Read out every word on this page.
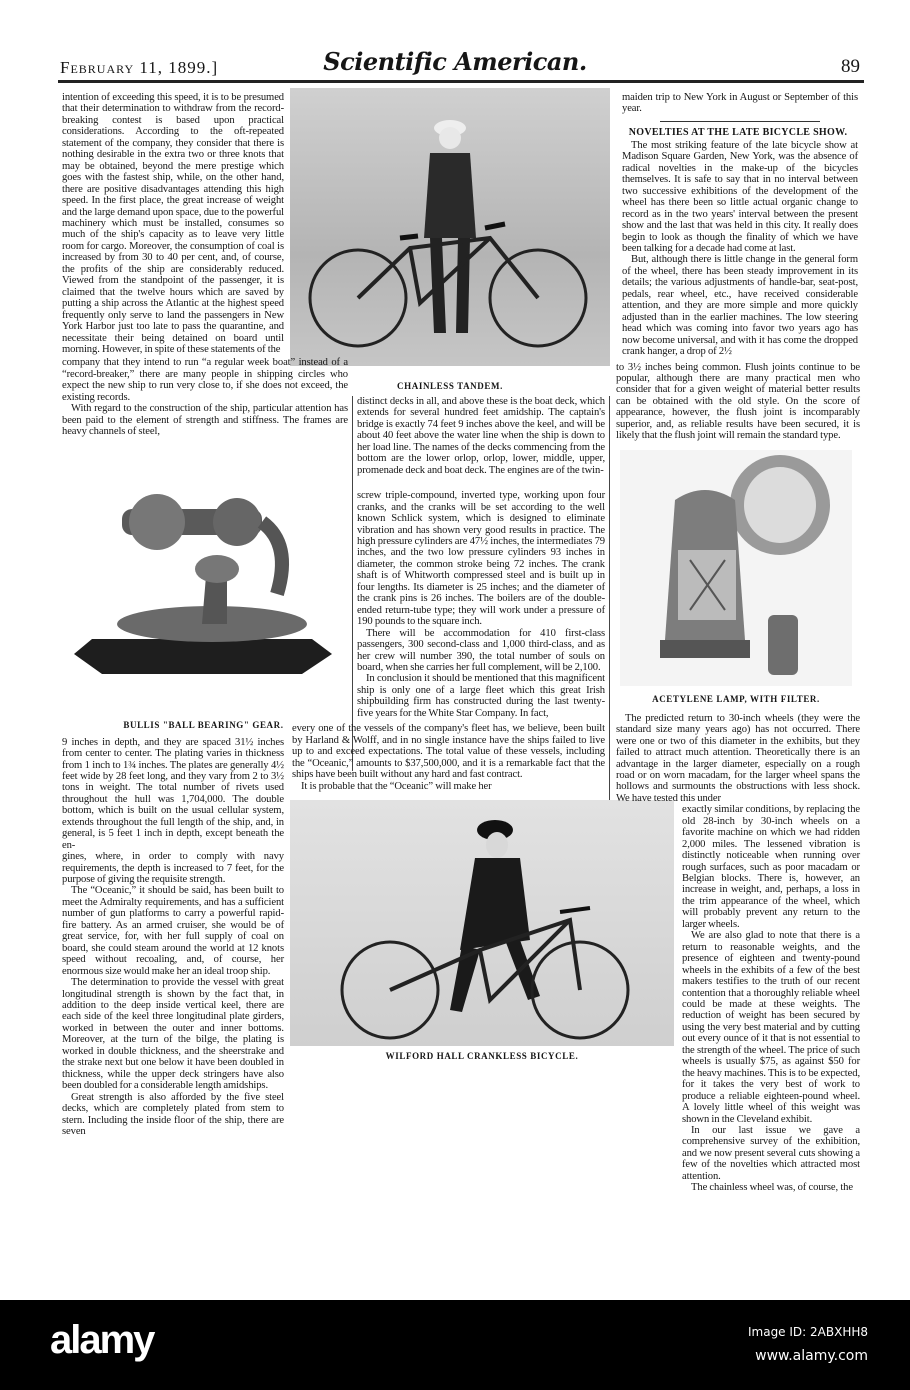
February 11, 1899.]	Scientific American.	89
CHAINLESS TANDEM.

intention of exceeding this speed, it is to be presumed that their determination to withdraw from the record-breaking contest is based upon practical considerations. According to the oft-repeated statement of the company, they consider that there is nothing desirable in the extra two or three knots that may be obtained, beyond the mere prestige which goes with the fastest ship, while, on the other hand, there are positive disadvantages attending this high speed. In the first place, the great increase of weight and the large demand upon space, due to the powerful machinery which must be installed, consumes so much of the ship's capacity as to leave very little room for cargo. Moreover, the consumption of coal is increased by from 30 to 40 per cent, and, of course, the profits of the ship are considerably reduced. Viewed from the standpoint of the passenger, it is claimed that the twelve hours which are saved by putting a ship across the Atlantic at the highest speed frequently only serve to land the passengers in New York Harbor just too late to pass the quarantine, and necessitate their being detained on board until morning. However, in spite of these statements of the

company that they intend to run “a regular week boat” instead of a “record-breaker,” there are many people in shipping circles who expect the new ship to run very close to, if she does not exceed, the existing records.

With regard to the construction of the ship, particular attention has been paid to the element of strength and stiffness. The frames are heavy channels of steel,

BULLIS "BALL BEARING" GEAR.

9 inches in depth, and they are spaced 31½ inches from center to center. The plating varies in thickness from 1 inch to 1¾ inches. The plates are generally 4½ feet wide by 28 feet long, and they vary from 2 to 3½ tons in weight. The total number of rivets used throughout the hull was 1,704,000. The double bottom, which is built on the usual cellular system, extends throughout the full length of the ship, and, in general, is 5 feet 1 inch in depth, except beneath the en-

gines, where, in order to comply with navy requirements, the depth is increased to 7 feet, for the purpose of giving the requisite strength.

The “Oceanic,” it should be said, has been built to meet the Admiralty requirements, and has a sufficient number of gun platforms to carry a powerful rapid-fire battery. As an armed cruiser, she would be of great service, for, with her full supply of coal on board, she could steam around the world at 12 knots speed without recoaling, and, of course, her enormous size would make her an ideal troop ship.

The determination to provide the vessel with great longitudinal strength is shown by the fact that, in addition to the deep inside vertical keel, there are each side of the keel three longitudinal plate girders, worked in between the outer and inner bottoms. Moreover, at the turn of the bilge, the plating is worked in double thickness, and the sheerstrake and the strake next but one below it have been doubled in thickness, while the upper deck stringers have also been doubled for a considerable length amidships.

Great strength is also afforded by the five steel decks, which are completely plated from stem to stern. Including the inside floor of the ship, there are seven

distinct decks in all, and above these is the boat deck, which extends for several hundred feet amidship. The captain's bridge is exactly 74 feet 9 inches above the keel, and will be about 40 feet above the water line when the ship is down to her load line. The names of the decks commencing from the bottom are the lower orlop, orlop, lower, middle, upper, promenade deck and boat deck. The engines are of the twin-

screw triple-compound, inverted type, working upon four cranks, and the cranks will be set according to the well known Schlick system, which is designed to eliminate vibration and has shown very good results in practice. The high pressure cylinders are 47½ inches, the intermediates 79 inches, and the two low pressure cylinders 93 inches in diameter, the common stroke being 72 inches. The crank shaft is of Whitworth compressed steel and is built up in four lengths. Its diameter is 25 inches; and the diameter of the crank pins is 26 inches. The boilers are of the double-ended return-tube type; they will work under a pressure of 190 pounds to the square inch.

There will be accommodation for 410 first-class passengers, 300 second-class and 1,000 third-class, and as her crew will number 390, the total number of souls on board, when she carries her full complement, will be 2,100.

In conclusion it should be mentioned that this magnificent ship is only one of a large fleet which this great Irish shipbuilding firm has constructed during the last twenty-five years for the White Star Company. In fact,

every one of the vessels of the company's fleet has, we believe, been built by Harland & Wolff, and in no single instance have the ships failed to live up to and exceed expectations. The total value of these vessels, including the “Oceanic,” amounts to $37,500,000, and it is a remarkable fact that the ships have been built without any hard and fast contract.

It is probable that the “Oceanic” will make her

WILFORD HALL CRANKLESS BICYCLE.

maiden trip to New York in August or September of this year.

NOVELTIES AT THE LATE BICYCLE SHOW.

The most striking feature of the late bicycle show at Madison Square Garden, New York, was the absence of radical novelties in the make-up of the bicycles themselves. It is safe to say that in no interval between two successive exhibitions of the development of the wheel has there been so little actual organic change to record as in the two years' interval between the present show and the last that was held in this city. It really does begin to look as though the finality of which we have been talking for a decade had come at last.

But, although there is little change in the general form of the wheel, there has been steady improvement in its details; the various adjustments of handle-bar, seat-post, pedals, rear wheel, etc., have received considerable attention, and they are more simple and more quickly adjusted than in the earlier machines. The low steering head which was coming into favor two years ago has now become universal, and with it has come the dropped crank hanger, a drop of 2½

to 3½ inches being common. Flush joints continue to be popular, although there are many practical men who consider that for a given weight of material better results can be obtained with the old style. On the score of appearance, however, the flush joint is incomparably superior, and, as reliable results have been secured, it is likely that the flush joint will remain the standard type.

ACETYLENE LAMP, WITH FILTER.

The predicted return to 30-inch wheels (they were the standard size many years ago) has not occurred. There were one or two of this diameter in the exhibits, but they failed to attract much attention. Theoretically there is an advantage in the larger diameter, especially on a rough road or on worn macadam, for the larger wheel spans the hollows and surmounts the obstructions with less shock. We have tested this under

exactly similar conditions, by replacing the old 28-inch by 30-inch wheels on a favorite machine on which we had ridden 2,000 miles. The lessened vibration is distinctly noticeable when running over rough surfaces, such as poor macadam or Belgian blocks. There is, however, an increase in weight, and, perhaps, a loss in the trim appearance of the wheel, which will probably prevent any return to the larger wheels.

We are also glad to note that there is a return to reasonable weights, and the presence of eighteen and twenty-pound wheels in the exhibits of a few of the best makers testifies to the truth of our recent contention that a thoroughly reliable wheel could be made at these weights. The reduction of weight has been secured by using the very best material and by cutting out every ounce of it that is not essential to the strength of the wheel. The price of such wheels is usually $75, as against $50 for the heavy machines. This is to be expected, for it takes the very best of work to produce a reliable eighteen-pound wheel. A lovely little wheel of this weight was shown in the Cleveland exhibit.

In our last issue we gave a comprehensive survey of the exhibition, and we now present several cuts showing a few of the novelties which attracted most attention.

The chainless wheel was, of course, the

alamy	Image ID: 2ABXHH8
www.alamy.com
